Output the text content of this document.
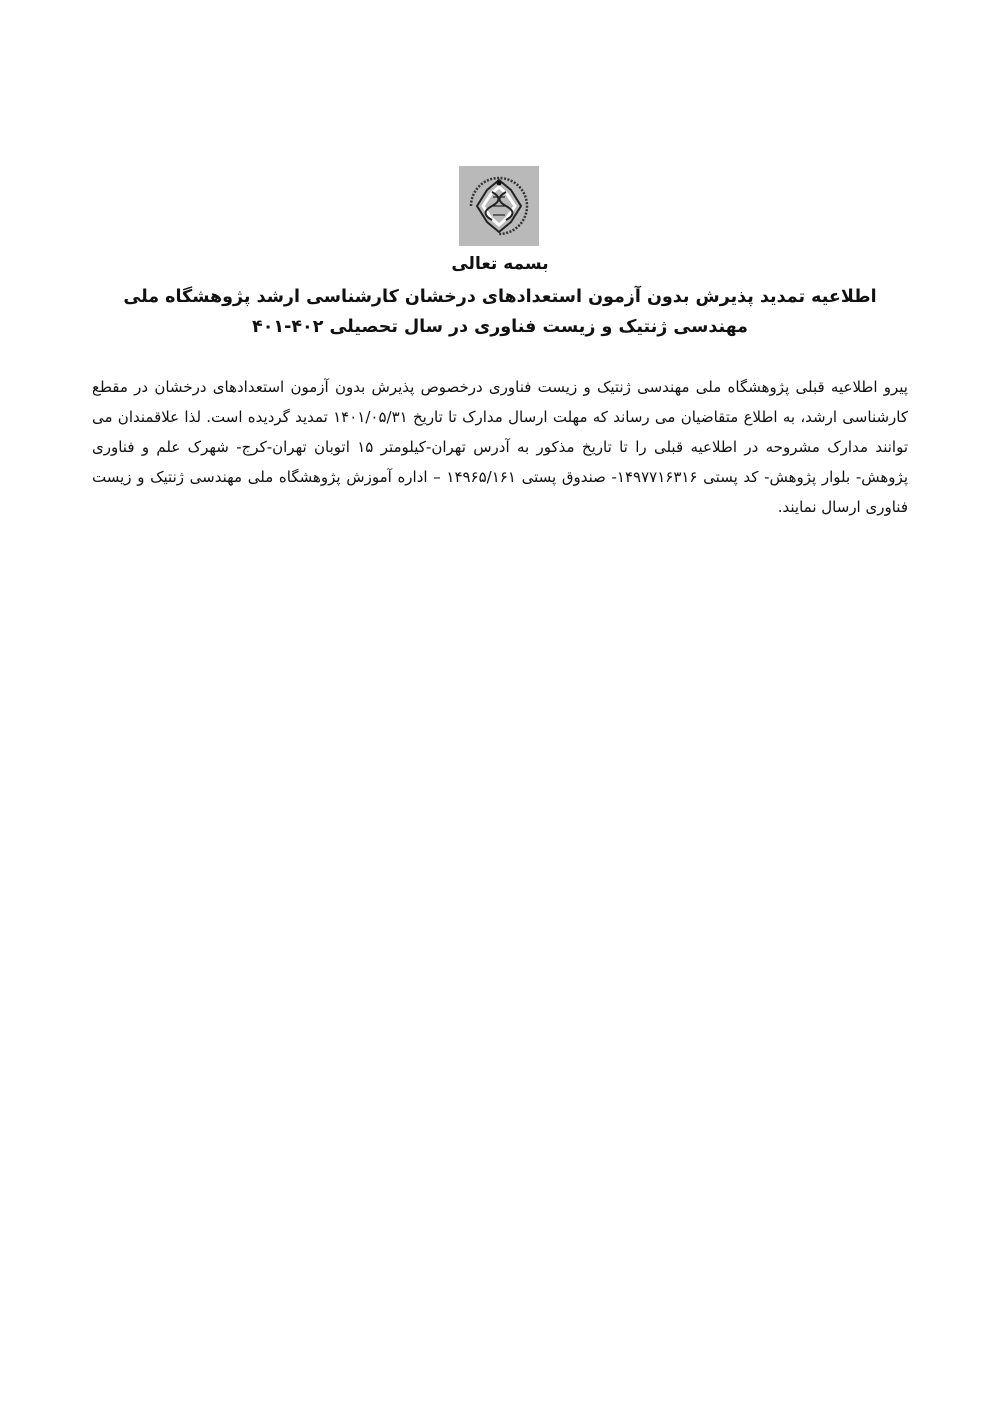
بسمه تعالی

اطلاعیه تمدید پذیرش بدون آزمون استعدادهای درخشان کارشناسی ارشد پژوهشگاه ملی مهندسی ژنتیک و زیست فناوری در سال تحصیلی ۴۰۲-۴۰۱

پیرو اطلاعیه قبلی پژوهشگاه ملی مهندسی ژنتیک و زیست فناوری درخصوص پذیرش بدون آزمون استعدادهای درخشان در مقطع کارشناسی ارشد، به اطلاع متقاضیان می رساند که مهلت ارسال مدارک تا تاریخ ۱۴۰۱/۰۵/۳۱ تمدید گردیده است. لذا علاقمندان می توانند مدارک مشروحه در اطلاعیه قبلی را تا تاریخ مذکور به آدرس تهران-کیلومتر ۱۵ اتوبان تهران-کرج- شهرک علم و فناوری پژوهش- بلوار پژوهش- کد پستی ۱۴۹۷۷۱۶۳۱۶- صندوق پستی ۱۴۹۶۵/۱۶۱ – اداره آموزش پژوهشگاه ملی مهندسی ژنتیک و زیست فناوری ارسال نمایند.
